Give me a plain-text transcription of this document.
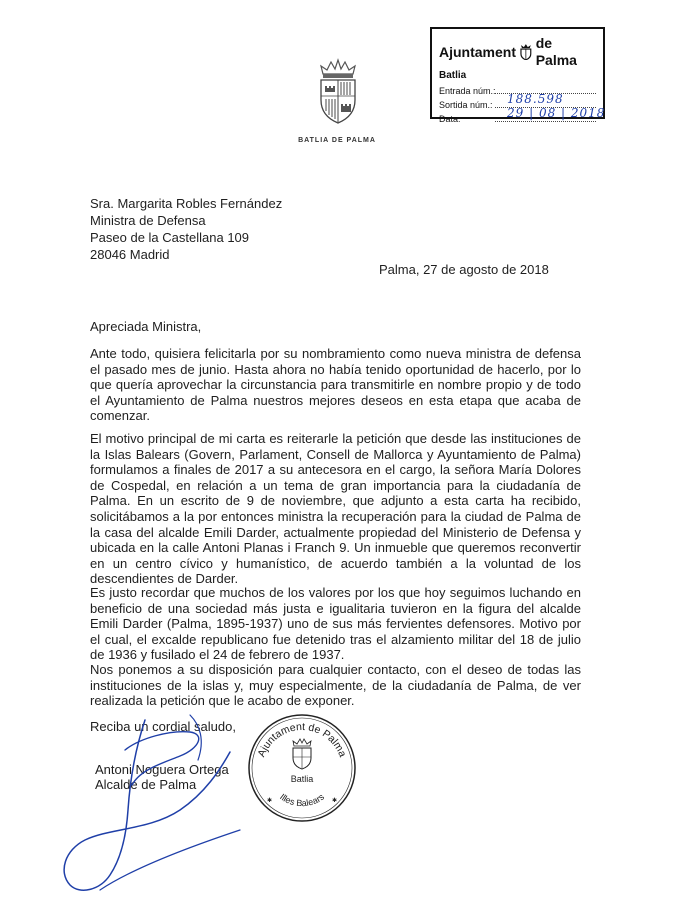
BATLIA DE PALMA
Ajuntament
de Palma
Batlia
Entrada núm.:
Sortida núm.: 188.598
Data:	29 | 08 | 2018
Sra. Margarita Robles Fernández
Ministra de Defensa
Paseo de la Castellana 109
28046 Madrid
Palma, 27 de agosto de 2018
Apreciada Ministra,
Ante todo, quisiera felicitarla por su nombramiento como nueva ministra de defensa el pasado mes de junio. Hasta ahora no había tenido oportunidad de hacerlo, por lo que quería aprovechar la circunstancia para transmitirle en nombre propio y de todo el Ayuntamiento de Palma nuestros mejores deseos en esta etapa que acaba de comenzar.
El motivo principal de mi carta es reiterarle la petición que desde las instituciones de la Islas Balears (Govern, Parlament, Consell de Mallorca y Ayuntamiento de Palma) formulamos a finales de 2017 a su antecesora en el cargo, la señora María Dolores de Cospedal, en relación a un tema de gran importancia para la ciudadanía de Palma. En un escrito de 9 de noviembre, que adjunto a esta carta ha recibido, solicitábamos a la por entonces ministra la recuperación para la ciudad de Palma de la casa del alcalde Emili Darder, actualmente propiedad del Ministerio de Defensa y ubicada en la calle Antoni Planas i Franch 9. Un inmueble que queremos reconvertir en un centro cívico y humanístico, de acuerdo también a la voluntad de los descendientes de Darder.
Es justo recordar que muchos de los valores por los que hoy seguimos luchando en beneficio de una sociedad más justa e igualitaria tuvieron en la figura del alcalde Emili Darder (Palma, 1895-1937) uno de sus más fervientes defensores. Motivo por el cual, el excalde republicano fue detenido tras el alzamiento militar del 18 de julio de 1936 y fusilado el 24 de febrero de 1937.
Nos ponemos a su disposición para cualquier contacto, con el deseo de todas las instituciones de la islas y, muy especialmente, de la ciudadanía de Palma, de ver realizada la petición que le acabo de exponer.
Reciba un cordial saludo,
Antoni Noguera Ortega
Alcalde de Palma
Ajuntament de Palma
Illes Balears
Batlia
✱	✱
